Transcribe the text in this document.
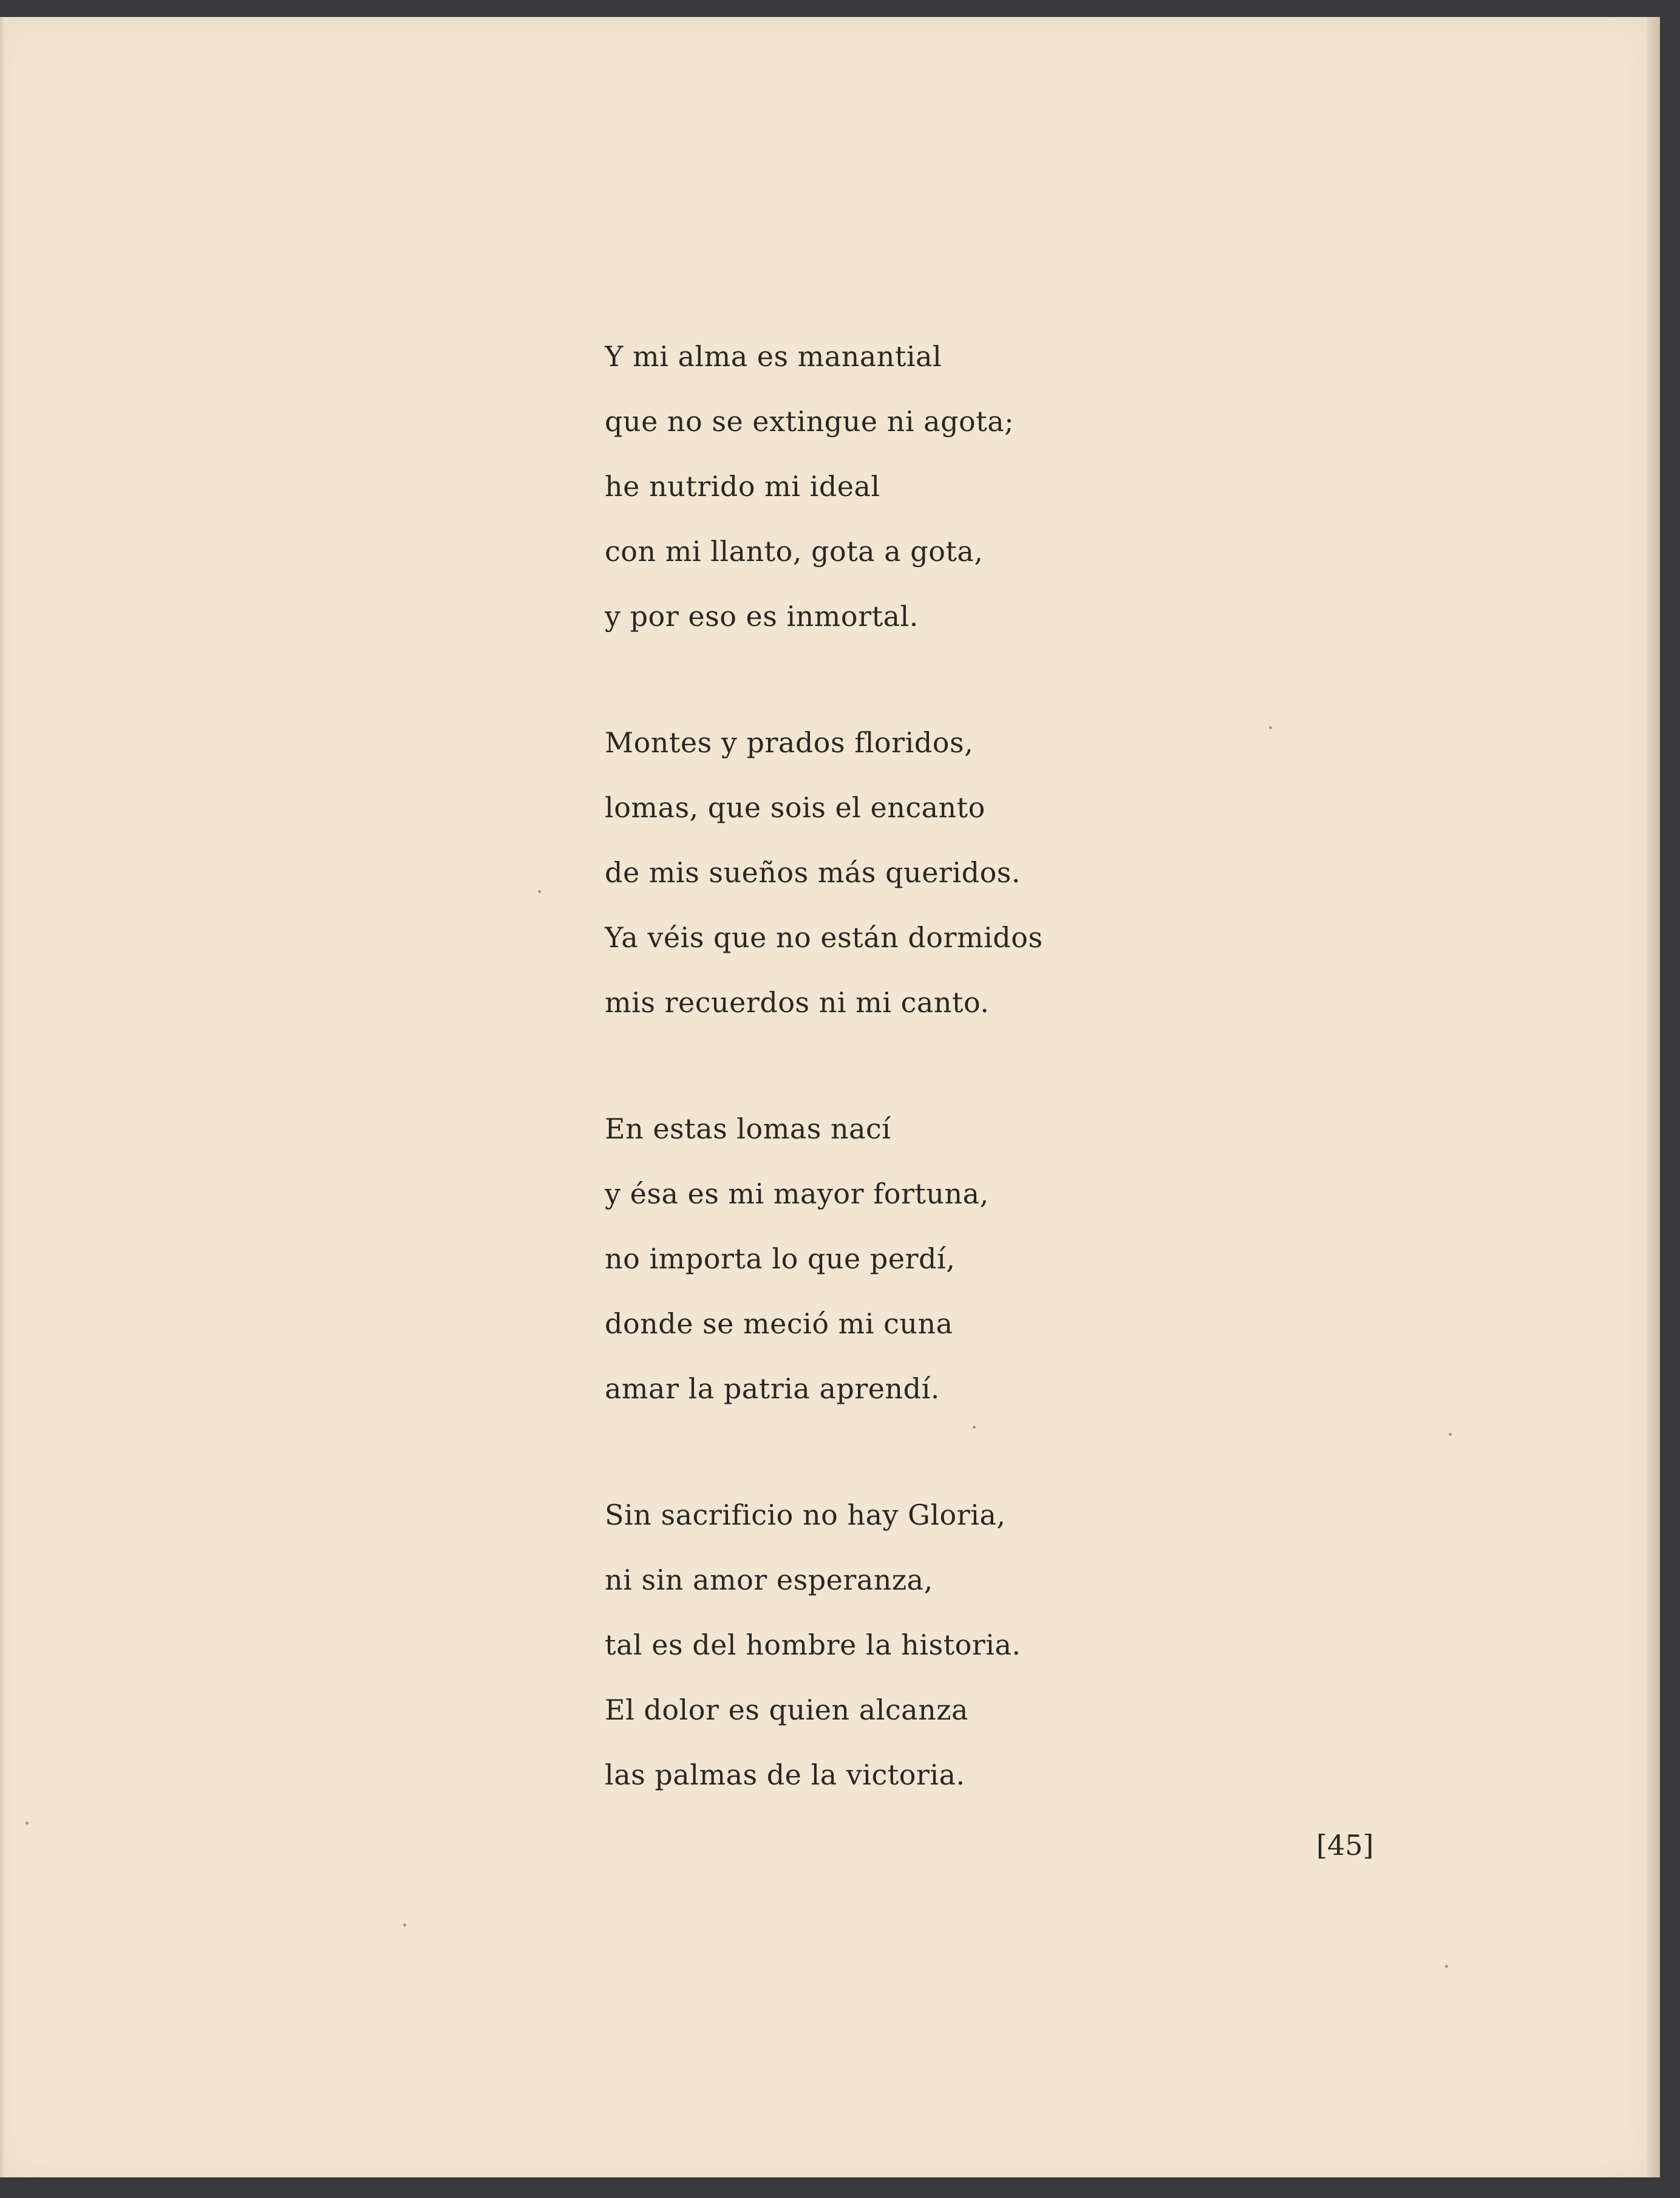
Y mi alma es manantial
que no se extingue ni agota;
he nutrido mi ideal
con mi llanto, gota a gota,
y por eso es inmortal.
Montes y prados floridos,
lomas, que sois el encanto
de mis sueños más queridos.
Ya véis que no están dormidos
mis recuerdos ni mi canto.
En estas lomas nací
y ésa es mi mayor fortuna,
no importa lo que perdí,
donde se meció mi cuna
amar la patria aprendí.
Sin sacrificio no hay Gloria,
ni sin amor esperanza,
tal es del hombre la historia.
El dolor es quien alcanza
las palmas de la victoria.
[45]
